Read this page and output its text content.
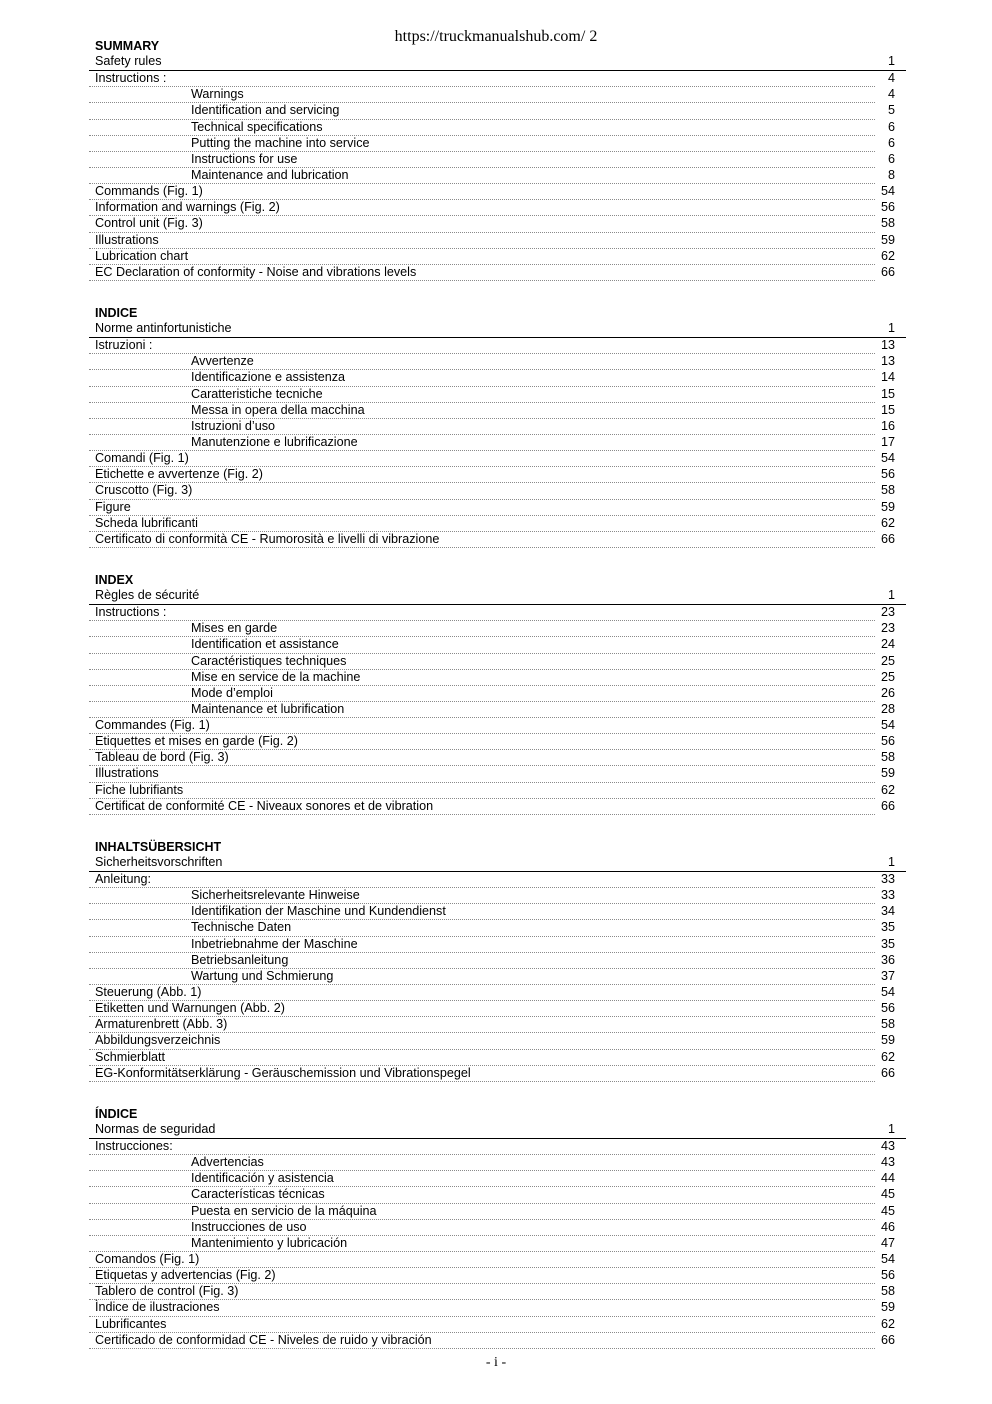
https://truckmanualshub.com/ 2
SUMMARY
Safety rules	1
Instructions :	4
Warnings	4
Identification and servicing	5
Technical specifications	6
Putting the machine into service	6
Instructions for use	6
Maintenance and lubrication	8
Commands (Fig. 1)	54
Information and warnings (Fig. 2)	56
Control unit (Fig. 3)	58
Illustrations	59
Lubrication chart	62
EC Declaration of conformity - Noise and vibrations levels	66
INDICE
Norme antinfortunistiche	1
Istruzioni :	13
Avvertenze	13
Identificazione e assistenza	14
Caratteristiche tecniche	15
Messa in opera della macchina	15
Istruzioni d’uso	16
Manutenzione e lubrificazione	17
Comandi (Fig. 1)	54
Etichette e avvertenze (Fig. 2)	56
Cruscotto (Fig. 3)	58
Figure	59
Scheda lubrificanti	62
Certificato di conformità CE - Rumorosità e livelli di vibrazione	66
INDEX
Règles de sécurité	1
Instructions :	23
Mises en garde	23
Identification et assistance	24
Caractéristiques techniques	25
Mise en service de la machine	25
Mode d’emploi	26
Maintenance et lubrification	28
Commandes (Fig. 1)	54
Etiquettes et mises en garde (Fig. 2)	56
Tableau de bord (Fig. 3)	58
Illustrations	59
Fiche lubrifiants	62
Certificat de conformité CE - Niveaux sonores et de vibration	66
INHALTSÜBERSICHT
Sicherheitsvorschriften	1
Anleitung:	33
Sicherheitsrelevante Hinweise	33
Identifikation der Maschine und Kundendienst	34
Technische Daten	35
Inbetriebnahme der Maschine	35
Betriebsanleitung	36
Wartung und Schmierung	37
Steuerung (Abb. 1)	54
Etiketten und Warnungen (Abb. 2)	56
Armaturenbrett (Abb. 3)	58
Abbildungsverzeichnis	59
Schmierblatt	62
EG-Konformitätserklärung - Geräuschemission und Vibrationspegel	66
ÍNDICE
Normas de seguridad	1
Instrucciones:	43
Advertencias	43
Identificación y asistencia	44
Características técnicas	45
Puesta en servicio de la máquina	45
Instrucciones de uso	46
Mantenimiento y lubricación	47
Comandos (Fig. 1)	54
Etiquetas y advertencias (Fig. 2)	56
Tablero de control (Fig. 3)	58
Ìndice de ilustraciones	59
Lubrificantes	62
Certificado de conformidad CE - Niveles de ruido y vibración	66
- i -
